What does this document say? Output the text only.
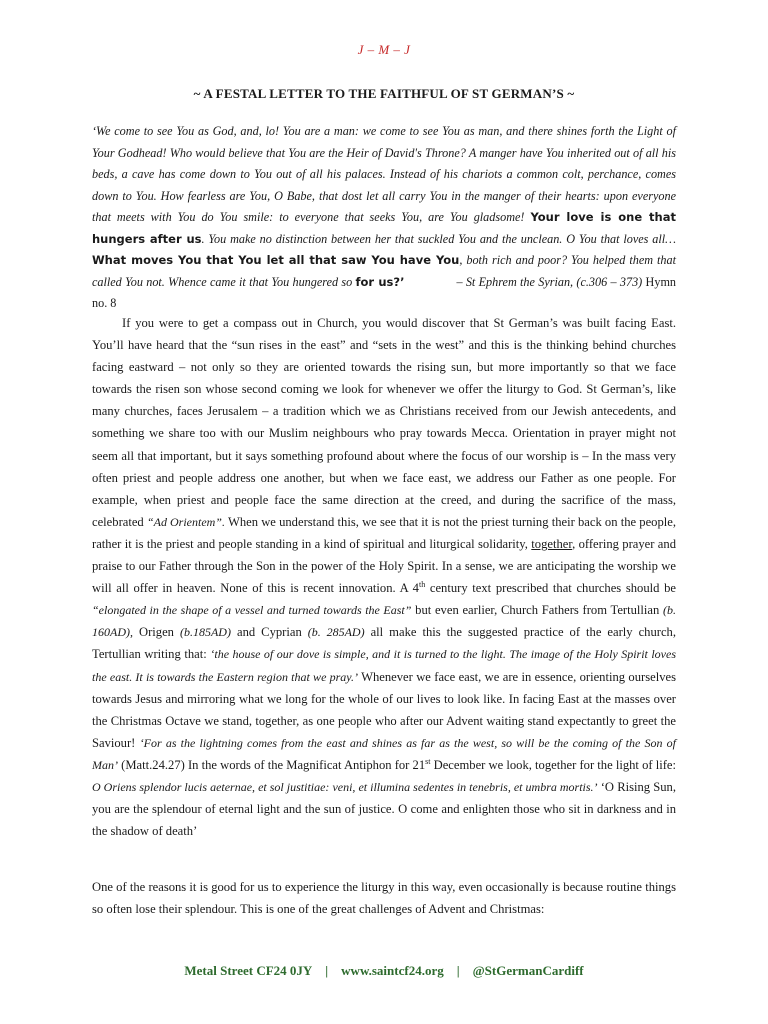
J – M – J
~ A FESTAL LETTER TO THE FAITHFUL OF ST GERMAN’S ~
‘We come to see You as God, and, lo! You are a man: we come to see You as man, and there shines forth the Light of Your Godhead! Who would believe that You are the Heir of David's Throne? A manger have You inherited out of all his beds, a cave has come down to You out of all his palaces. Instead of his chariots a common colt, perchance, comes down to You. How fearless are You, O Babe, that dost let all carry You in the manger of their hearts: upon everyone that meets with You do You smile: to everyone that seeks You, are You gladsome! Your love is one that hungers after us. You make no distinction between her that suckled You and the unclean. O You that loves all…What moves You that You let all that saw You have You, both rich and poor? You helped them that called You not. Whence came it that You hungered so for us?’	– St Ephrem the Syrian, (c.306 – 373) Hymn no. 8
If you were to get a compass out in Church, you would discover that St German’s was built facing East. You’ll have heard that the “sun rises in the east” and “sets in the west” and this is the thinking behind churches facing eastward – not only so they are oriented towards the rising sun, but more importantly so that we face towards the risen son whose second coming we look for whenever we offer the liturgy to God. St German’s, like many churches, faces Jerusalem – a tradition which we as Christians received from our Jewish antecedents, and something we share too with our Muslim neighbours who pray towards Mecca. Orientation in prayer might not seem all that important, but it says something profound about where the focus of our worship is – In the mass very often priest and people address one another, but when we face east, we address our Father as one people. For example, when priest and people face the same direction at the creed, and during the sacrifice of the mass, celebrated “Ad Orientem”. When we understand this, we see that it is not the priest turning their back on the people, rather it is the priest and people standing in a kind of spiritual and liturgical solidarity, together, offering prayer and praise to our Father through the Son in the power of the Holy Spirit. In a sense, we are anticipating the worship we will all offer in heaven. None of this is recent innovation. A 4th century text prescribed that churches should be “elongated in the shape of a vessel and turned towards the East” but even earlier, Church Fathers from Tertullian (b. 160AD), Origen (b.185AD) and Cyprian (b. 285AD) all make this the suggested practice of the early church, Tertullian writing that: ‘the house of our dove is simple, and it is turned to the light. The image of the Holy Spirit loves the east. It is towards the Eastern region that we pray.’ Whenever we face east, we are in essence, orienting ourselves towards Jesus and mirroring what we long for the whole of our lives to look like. In facing East at the masses over the Christmas Octave we stand, together, as one people who after our Advent waiting stand expectantly to greet the Saviour! ‘For as the lightning comes from the east and shines as far as the west, so will be the coming of the Son of Man’ (Matt.24.27) In the words of the Magnificat Antiphon for 21st December we look, together for the light of life: O Oriens splendor lucis aeternae, et sol justitiae: veni, et illumina sedentes in tenebris, et umbra mortis.’ ‘O Rising Sun, you are the splendour of eternal light and the sun of justice. O come and enlighten those who sit in darkness and in the shadow of death’
One of the reasons it is good for us to experience the liturgy in this way, even occasionally is because routine things so often lose their splendour. This is one of the great challenges of Advent and Christmas:
Metal Street CF24 0JY | www.saintcf24.org | @StGermanCardiff
